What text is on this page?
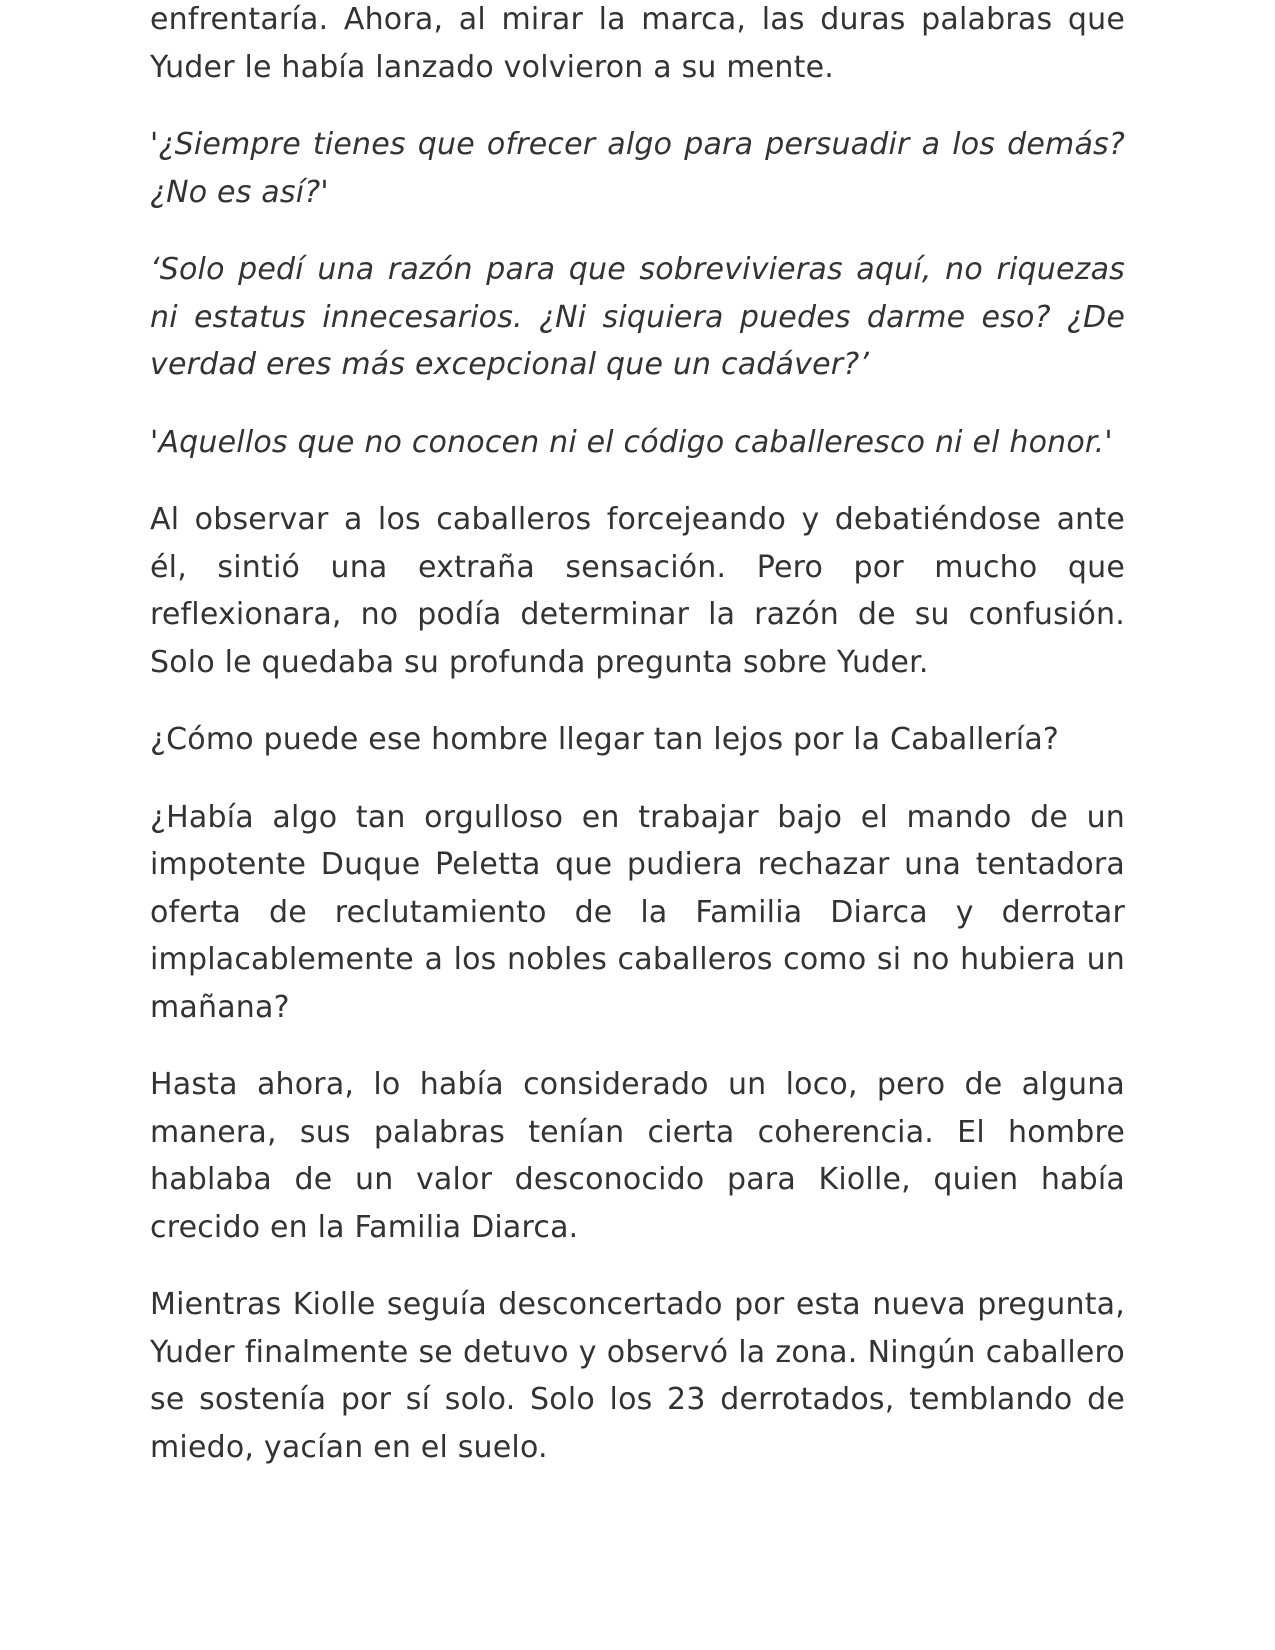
enfrentaría. Ahora, al mirar la marca, las duras palabras que Yuder le había lanzado volvieron a su mente.

'¿Siempre tienes que ofrecer algo para persuadir a los demás? ¿No es así?'

‘Solo pedí una razón para que sobrevivieras aquí, no riquezas ni estatus innecesarios. ¿Ni siquiera puedes darme eso? ¿De verdad eres más excepcional que un cadáver?’

'Aquellos que no conocen ni el código caballeresco ni el honor.'

Al observar a los caballeros forcejeando y debatiéndose ante él, sintió una extraña sensación. Pero por mucho que reflexionara, no podía determinar la razón de su confusión. Solo le quedaba su profunda pregunta sobre Yuder.

¿Cómo puede ese hombre llegar tan lejos por la Caballería?

¿Había algo tan orgulloso en trabajar bajo el mando de un impotente Duque Peletta que pudiera rechazar una tentadora oferta de reclutamiento de la Familia Diarca y derrotar implacablemente a los nobles caballeros como si no hubiera un mañana?

Hasta ahora, lo había considerado un loco, pero de alguna manera, sus palabras tenían cierta coherencia. El hombre hablaba de un valor desconocido para Kiolle, quien había crecido en la Familia Diarca.

Mientras Kiolle seguía desconcertado por esta nueva pregunta, Yuder finalmente se detuvo y observó la zona. Ningún caballero se sostenía por sí solo. Solo los 23 derrotados, temblando de miedo, yacían en el suelo.
